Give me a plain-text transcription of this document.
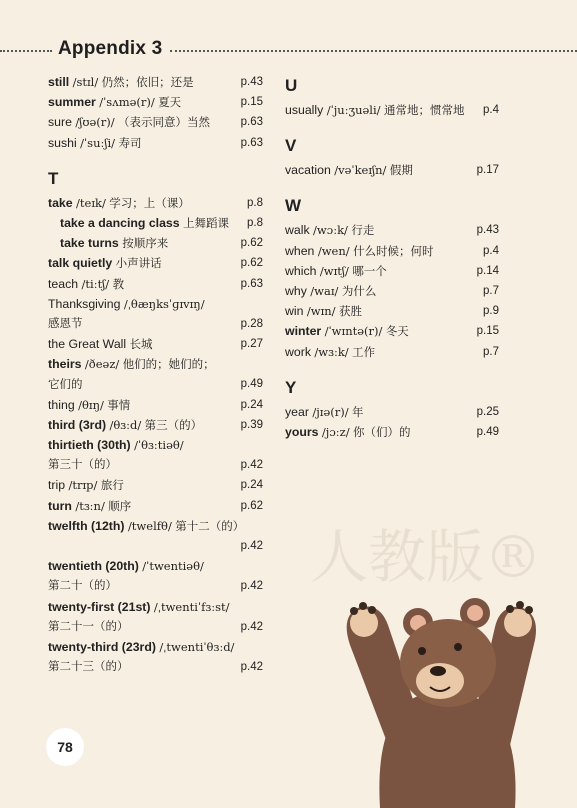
Appendix 3
人教版®
still /stɪl/ 仍然；依旧；还是	p.43
summer /ˈsʌmə(r)/ 夏天	p.15
sure /ʃʊə(r)/ （表示同意）当然	p.63
sushi /ˈsuːʃi/ 寿司	p.63
T
take /teɪk/ 学习；上（课）	p.8
take a dancing class 上舞蹈课 p.8
take turns 按顺序来	p.62
talk quietly 小声讲话	p.62
teach /tiːtʃ/ 教	p.63
Thanksgiving /ˌθæŋksˈɡɪvɪŋ/
感恩节	p.28
the Great Wall 长城	p.27
theirs /ðeəz/ 他们的；她们的；
它们的	p.49
thing /θɪŋ/ 事情	p.24
third (3rd) /θɜːd/ 第三（的）	p.39
thirtieth (30th) /ˈθɜːtiəθ/
第三十（的）	p.42
trip /trɪp/ 旅行	p.24
turn /tɜːn/ 顺序	p.62
twelfth (12th) /twelfθ/ 第十二（的）
p.42
twentieth (20th) /ˈtwentiəθ/
第二十（的）	p.42
twenty-first (21st) /ˌtwentiˈfɜːst/
第二十一（的）	p.42
twenty-third (23rd) /ˌtwentiˈθɜːd/
第二十三（的）	p.42
U
usually /ˈjuːʒuəli/ 通常地；惯常地 p.4
V
vacation /vəˈkeɪʃn/ 假期	p.17
W
walk /wɔːk/ 行走	p.43
when /wen/ 什么时候；何时	p.4
which /wɪtʃ/ 哪一个	p.14
why /waɪ/ 为什么	p.7
win /wɪn/ 获胜	p.9
winter /ˈwɪntə(r)/ 冬天	p.15
work /wɜːk/ 工作	p.7
Y
year /jɪə(r)/ 年	p.25
yours /jɔːz/ 你（们）的	p.49
78
